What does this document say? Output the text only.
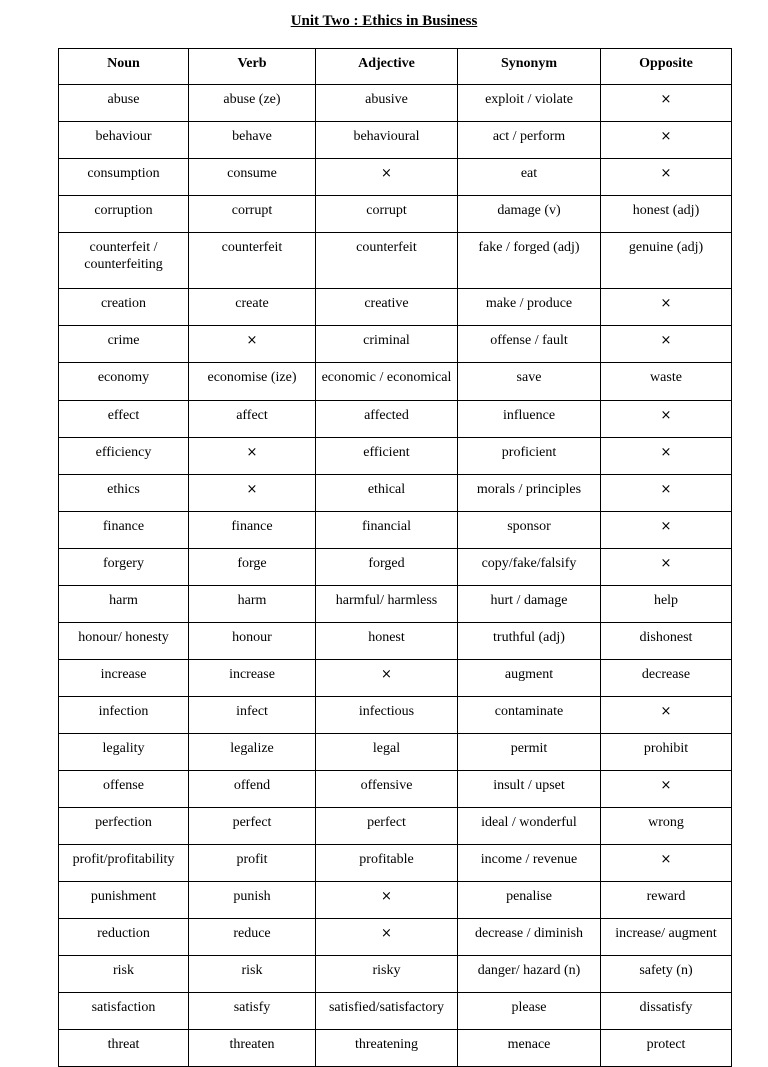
Unit Two : Ethics in Business
Noun	Verb	Adjective	Synonym	Opposite
abuse	abuse (ze)	abusive	exploit / violate	×
behaviour	behave	behavioural	act / perform	×
consumption	consume	×	eat	×
corruption	corrupt	corrupt	damage (v)	honest (adj)
counterfeit / counterfeiting	counterfeit	counterfeit	fake / forged (adj)	genuine (adj)
creation	create	creative	make / produce	×
crime	×	criminal	offense / fault	×
economy	economise (ize)	economic / economical	save	waste
effect	affect	affected	influence	×
efficiency	×	efficient	proficient	×
ethics	×	ethical	morals / principles	×
finance	finance	financial	sponsor	×
forgery	forge	forged	copy/fake/falsify	×
harm	harm	harmful/ harmless	hurt / damage	help
honour/ honesty	honour	honest	truthful (adj)	dishonest
increase	increase	×	augment	decrease
infection	infect	infectious	contaminate	×
legality	legalize	legal	permit	prohibit
offense	offend	offensive	insult / upset	×
perfection	perfect	perfect	ideal / wonderful	wrong
profit/profitability	profit	profitable	income / revenue	×
punishment	punish	×	penalise	reward
reduction	reduce	×	decrease / diminish	increase/ augment
risk	risk	risky	danger/ hazard (n)	safety (n)
satisfaction	satisfy	satisfied/satisfactory	please	dissatisfy
threat	threaten	threatening	menace	protect
